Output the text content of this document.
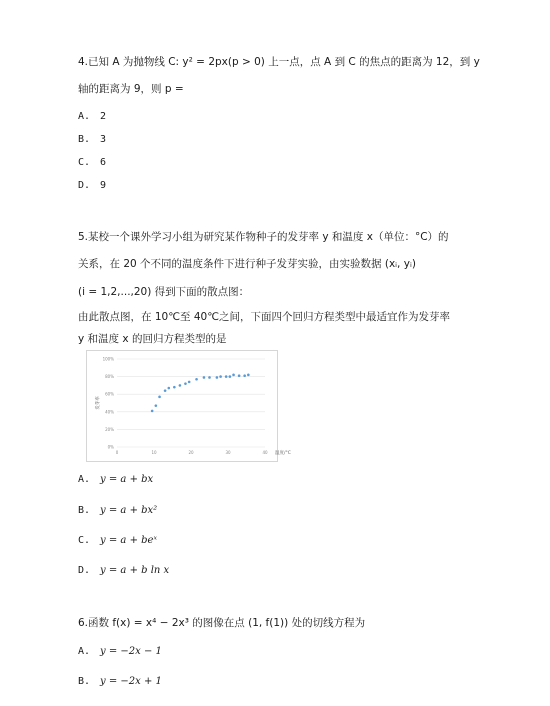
4.已知 A 为抛物线 C: y² = 2px(p > 0) 上一点，点 A 到 C 的焦点的距离为 12，到 y
轴的距离为 9，则 p =
A. 2
B. 3
C. 6
D. 9
5.某校一个课外学习小组为研究某作物种子的发芽率 y 和温度 x（单位：°C）的
关系，在 20 个不同的温度条件下进行种子发芽实验，由实验数据 (xᵢ, yᵢ)
(i = 1,2,...,20) 得到下面的散点图：
由此散点图，在 10℃至 40℃之间，下面四个回归方程类型中最适宜作为发芽率
y 和温度 x 的回归方程类型的是
0%
20%
40%
60%
80%
100%
0	10	20	30	40
发芽率
温度/°C
A. y = a + bx
B. y = a + bx²
C. y = a + beˣ
D. y = a + b ln x
6.函数 f(x) = x⁴ − 2x³ 的图像在点 (1, f(1)) 处的切线方程为
A. y = −2x − 1
B. y = −2x + 1
